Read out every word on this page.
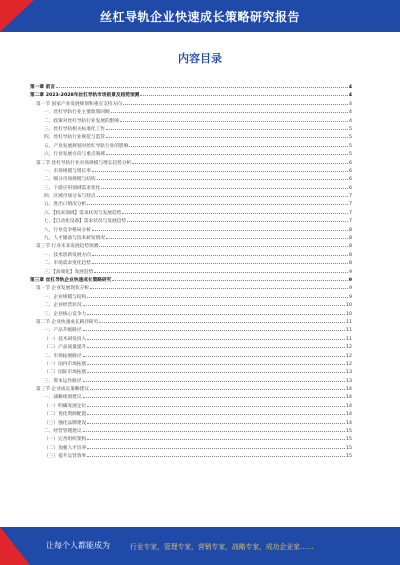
丝杠导轨企业快速成长策略研究报告
内容目录
第一章 前言	4
第二章 2023-2028年丝杠导轨市场前景及趋势预测	4
第一节 国家产业发展规划和重点支持方向	4
一、丝杠导轨行业主要政策回顾	4
二、政策对丝杠导轨行业发展的影响	4
三、丝杠导轨相关标准化工作	5
四、丝杠导轨行业规范与监管	5
五、产业发展规划对丝杠导轨行业的影响	5
六、行业发展方向与重点领域	5
第二节 丝杠导轨行业市场规模与增长趋势分析	6
一、市场规模与增长率	6
二、细分市场规模与结构	6
三、下游应用领域需求变化	6
四、区域市场分布与特点	7
五、进出口情况分析	7
六、【机床领域】需求状况与发展趋势	7
七、【自动化设备】需求状况与发展趋势	7
八、行业竞争格局分析	8
九、人才储备与技术研发情况	8
第三节 行业未来发展趋势预测	8
一、技术创新发展方向	8
二、市场需求变化趋势	8
三、【高端化】发展趋势	9
第三章 丝杠导轨企业快速成长策略研究	9
第一节 企业发展现状分析	9
一、企业规模与结构	9
二、企业经营状况	10
三、企业核心竞争力	10
第二节 企业快速成长路径研究	11
一、产品升级路径	11
（一）技术研发投入	11
（二）产品质量提升	12
二、市场拓展路径	12
（一）国内市场拓展	12
（二）国际市场拓展	13
三、资本运作路径	13
第三节 企业成长策略建议	14
一、战略规划建议	14
（一）明确发展定位	14
（二）优化资源配置	14
（三）强化品牌建设	14
二、经营管理建议	15
（一）完善组织架构	15
（二）加强人才培养	15
（三）提升运营效率	15
让每个人都能成为	行业专家，管理专家，营销专家，战略专家，成功企业家……
